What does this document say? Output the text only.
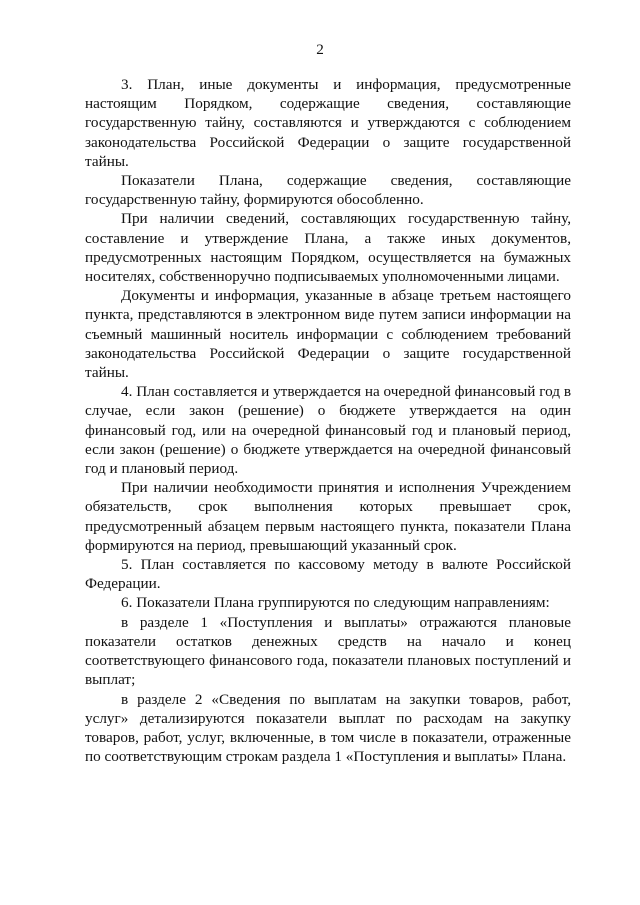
2

3. План, иные документы и информация, предусмотренные настоящим Порядком, содержащие сведения, составляющие государственную тайну, составляются и утверждаются с соблюдением законодательства Российской Федерации о защите государственной тайны.

Показатели Плана, содержащие сведения, составляющие государственную тайну, формируются обособленно.

При наличии сведений, составляющих государственную тайну, составление и утверждение Плана, а также иных документов, предусмотренных настоящим Порядком, осуществляется на бумажных носителях, собственноручно подписываемых уполномоченными лицами.

Документы и информация, указанные в абзаце третьем настоящего пункта, представляются в электронном виде путем записи информации на съемный машинный носитель информации с соблюдением требований законодательства Российской Федерации о защите государственной тайны.

4. План составляется и утверждается на очередной финансовый год в случае, если закон (решение) о бюджете утверждается на один финансовый год, или на очередной финансовый год и плановый период, если закон (решение) о бюджете утверждается на очередной финансовый год и плановый период.

При наличии необходимости принятия и исполнения Учреждением обязательств, срок выполнения которых превышает срок, предусмотренный абзацем первым настоящего пункта, показатели Плана формируются на период, превышающий указанный срок.

5. План составляется по кассовому методу в валюте Российской Федерации.

6. Показатели Плана группируются по следующим направлениям:

в разделе 1 «Поступления и выплаты» отражаются плановые показатели остатков денежных средств на начало и конец соответствующего финансового года, показатели плановых поступлений и выплат;

в разделе 2 «Сведения по выплатам на закупки товаров, работ, услуг» детализируются показатели выплат по расходам на закупку товаров, работ, услуг, включенные, в том числе в показатели, отраженные по соответствующим строкам раздела 1 «Поступления и выплаты» Плана.
